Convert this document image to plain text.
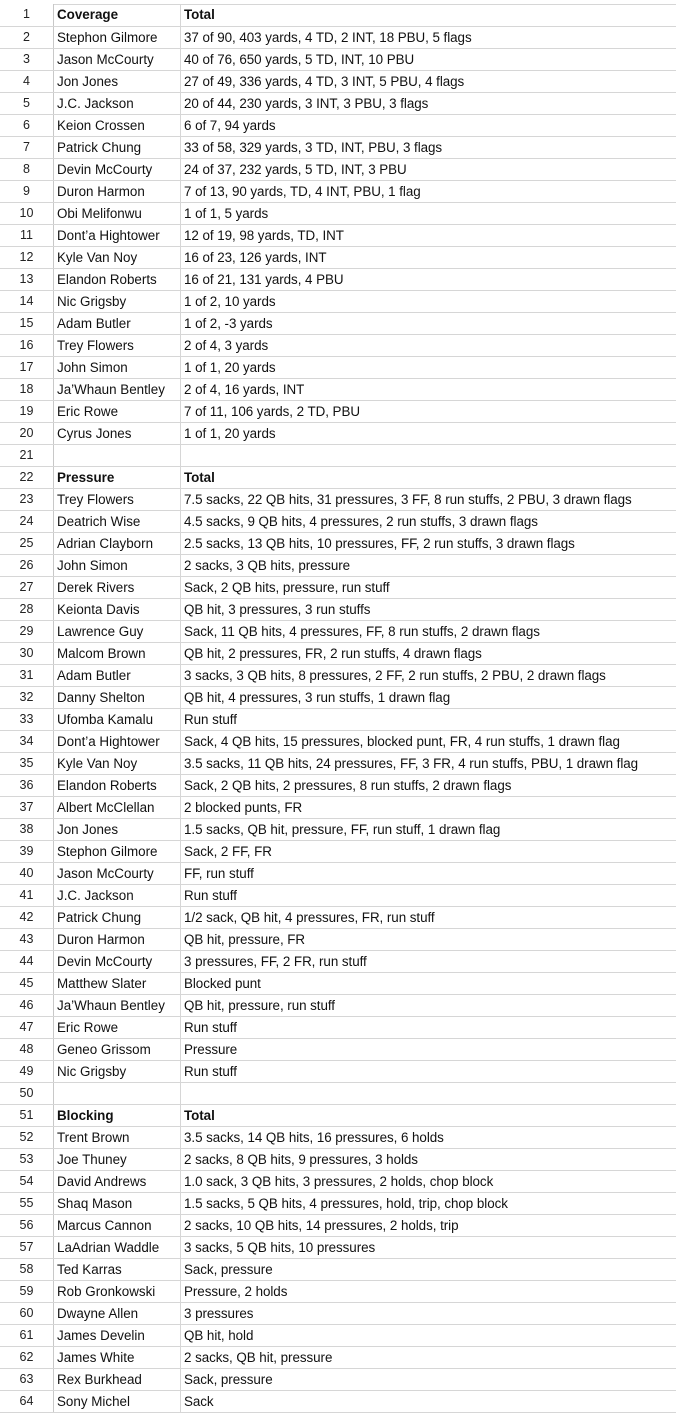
1	Coverage	Total
2	Stephon Gilmore	37 of 90, 403 yards, 4 TD, 2 INT, 18 PBU, 5 flags
3	Jason McCourty	40 of 76, 650 yards, 5 TD, INT, 10 PBU
4	Jon Jones	27 of 49, 336 yards, 4 TD, 3 INT, 5 PBU, 4 flags
5	J.C. Jackson	20 of 44, 230 yards, 3 INT, 3 PBU, 3 flags
6	Keion Crossen	6 of 7, 94 yards
7	Patrick Chung	33 of 58, 329 yards, 3 TD, INT, PBU, 3 flags
8	Devin McCourty	24 of 37, 232 yards, 5 TD, INT, 3 PBU
9	Duron Harmon	7 of 13, 90 yards, TD, 4 INT, PBU, 1 flag
10	Obi Melifonwu	1 of 1, 5 yards
11	Dont’a Hightower	12 of 19, 98 yards, TD, INT
12	Kyle Van Noy	16 of 23, 126 yards, INT
13	Elandon Roberts	16 of 21, 131 yards, 4 PBU
14	Nic Grigsby	1 of 2, 10 yards
15	Adam Butler	1 of 2, -3 yards
16	Trey Flowers	2 of 4, 3 yards
17	John Simon	1 of 1, 20 yards
18	Ja’Whaun Bentley	2 of 4, 16 yards, INT
19	Eric Rowe	7 of 11, 106 yards, 2 TD, PBU
20	Cyrus Jones	1 of 1, 20 yards
21		
22	Pressure	Total
23	Trey Flowers	7.5 sacks, 22 QB hits, 31 pressures, 3 FF, 8 run stuffs, 2 PBU, 3 drawn flags
24	Deatrich Wise	4.5 sacks, 9 QB hits, 4 pressures, 2 run stuffs, 3 drawn flags
25	Adrian Clayborn	2.5 sacks, 13 QB hits, 10 pressures, FF, 2 run stuffs, 3 drawn flags
26	John Simon	2 sacks, 3 QB hits, pressure
27	Derek Rivers	Sack, 2 QB hits, pressure, run stuff
28	Keionta Davis	QB hit, 3 pressures, 3 run stuffs
29	Lawrence Guy	Sack, 11 QB hits, 4 pressures, FF, 8 run stuffs, 2 drawn flags
30	Malcom Brown	QB hit, 2 pressures, FR, 2 run stuffs, 4 drawn flags
31	Adam Butler	3 sacks, 3 QB hits, 8 pressures, 2 FF, 2 run stuffs, 2 PBU, 2 drawn flags
32	Danny Shelton	QB hit, 4 pressures, 3 run stuffs, 1 drawn flag
33	Ufomba Kamalu	Run stuff
34	Dont’a Hightower	Sack, 4 QB hits, 15 pressures, blocked punt, FR, 4 run stuffs, 1 drawn flag
35	Kyle Van Noy	3.5 sacks, 11 QB hits, 24 pressures, FF, 3 FR, 4 run stuffs, PBU, 1 drawn flag
36	Elandon Roberts	Sack, 2 QB hits, 2 pressures, 8 run stuffs, 2 drawn flags
37	Albert McClellan	2 blocked punts, FR
38	Jon Jones	1.5 sacks, QB hit, pressure, FF, run stuff, 1 drawn flag
39	Stephon Gilmore	Sack, 2 FF, FR
40	Jason McCourty	FF, run stuff
41	J.C. Jackson	Run stuff
42	Patrick Chung	1/2 sack, QB hit, 4 pressures, FR, run stuff
43	Duron Harmon	QB hit, pressure, FR
44	Devin McCourty	3 pressures, FF, 2 FR, run stuff
45	Matthew Slater	Blocked punt
46	Ja’Whaun Bentley	QB hit, pressure, run stuff
47	Eric Rowe	Run stuff
48	Geneo Grissom	Pressure
49	Nic Grigsby	Run stuff
50		
51	Blocking	Total
52	Trent Brown	3.5 sacks, 14 QB hits, 16 pressures, 6 holds
53	Joe Thuney	2 sacks, 8 QB hits, 9 pressures, 3 holds
54	David Andrews	1.0 sack, 3 QB hits, 3 pressures, 2 holds, chop block
55	Shaq Mason	1.5 sacks, 5 QB hits, 4 pressures, hold, trip, chop block
56	Marcus Cannon	2 sacks, 10 QB hits, 14 pressures, 2 holds, trip
57	LaAdrian Waddle	3 sacks, 5 QB hits, 10 pressures
58	Ted Karras	Sack, pressure
59	Rob Gronkowski	Pressure, 2 holds
60	Dwayne Allen	3 pressures
61	James Develin	QB hit, hold
62	James White	2 sacks, QB hit, pressure
63	Rex Burkhead	Sack, pressure
64	Sony Michel	Sack
